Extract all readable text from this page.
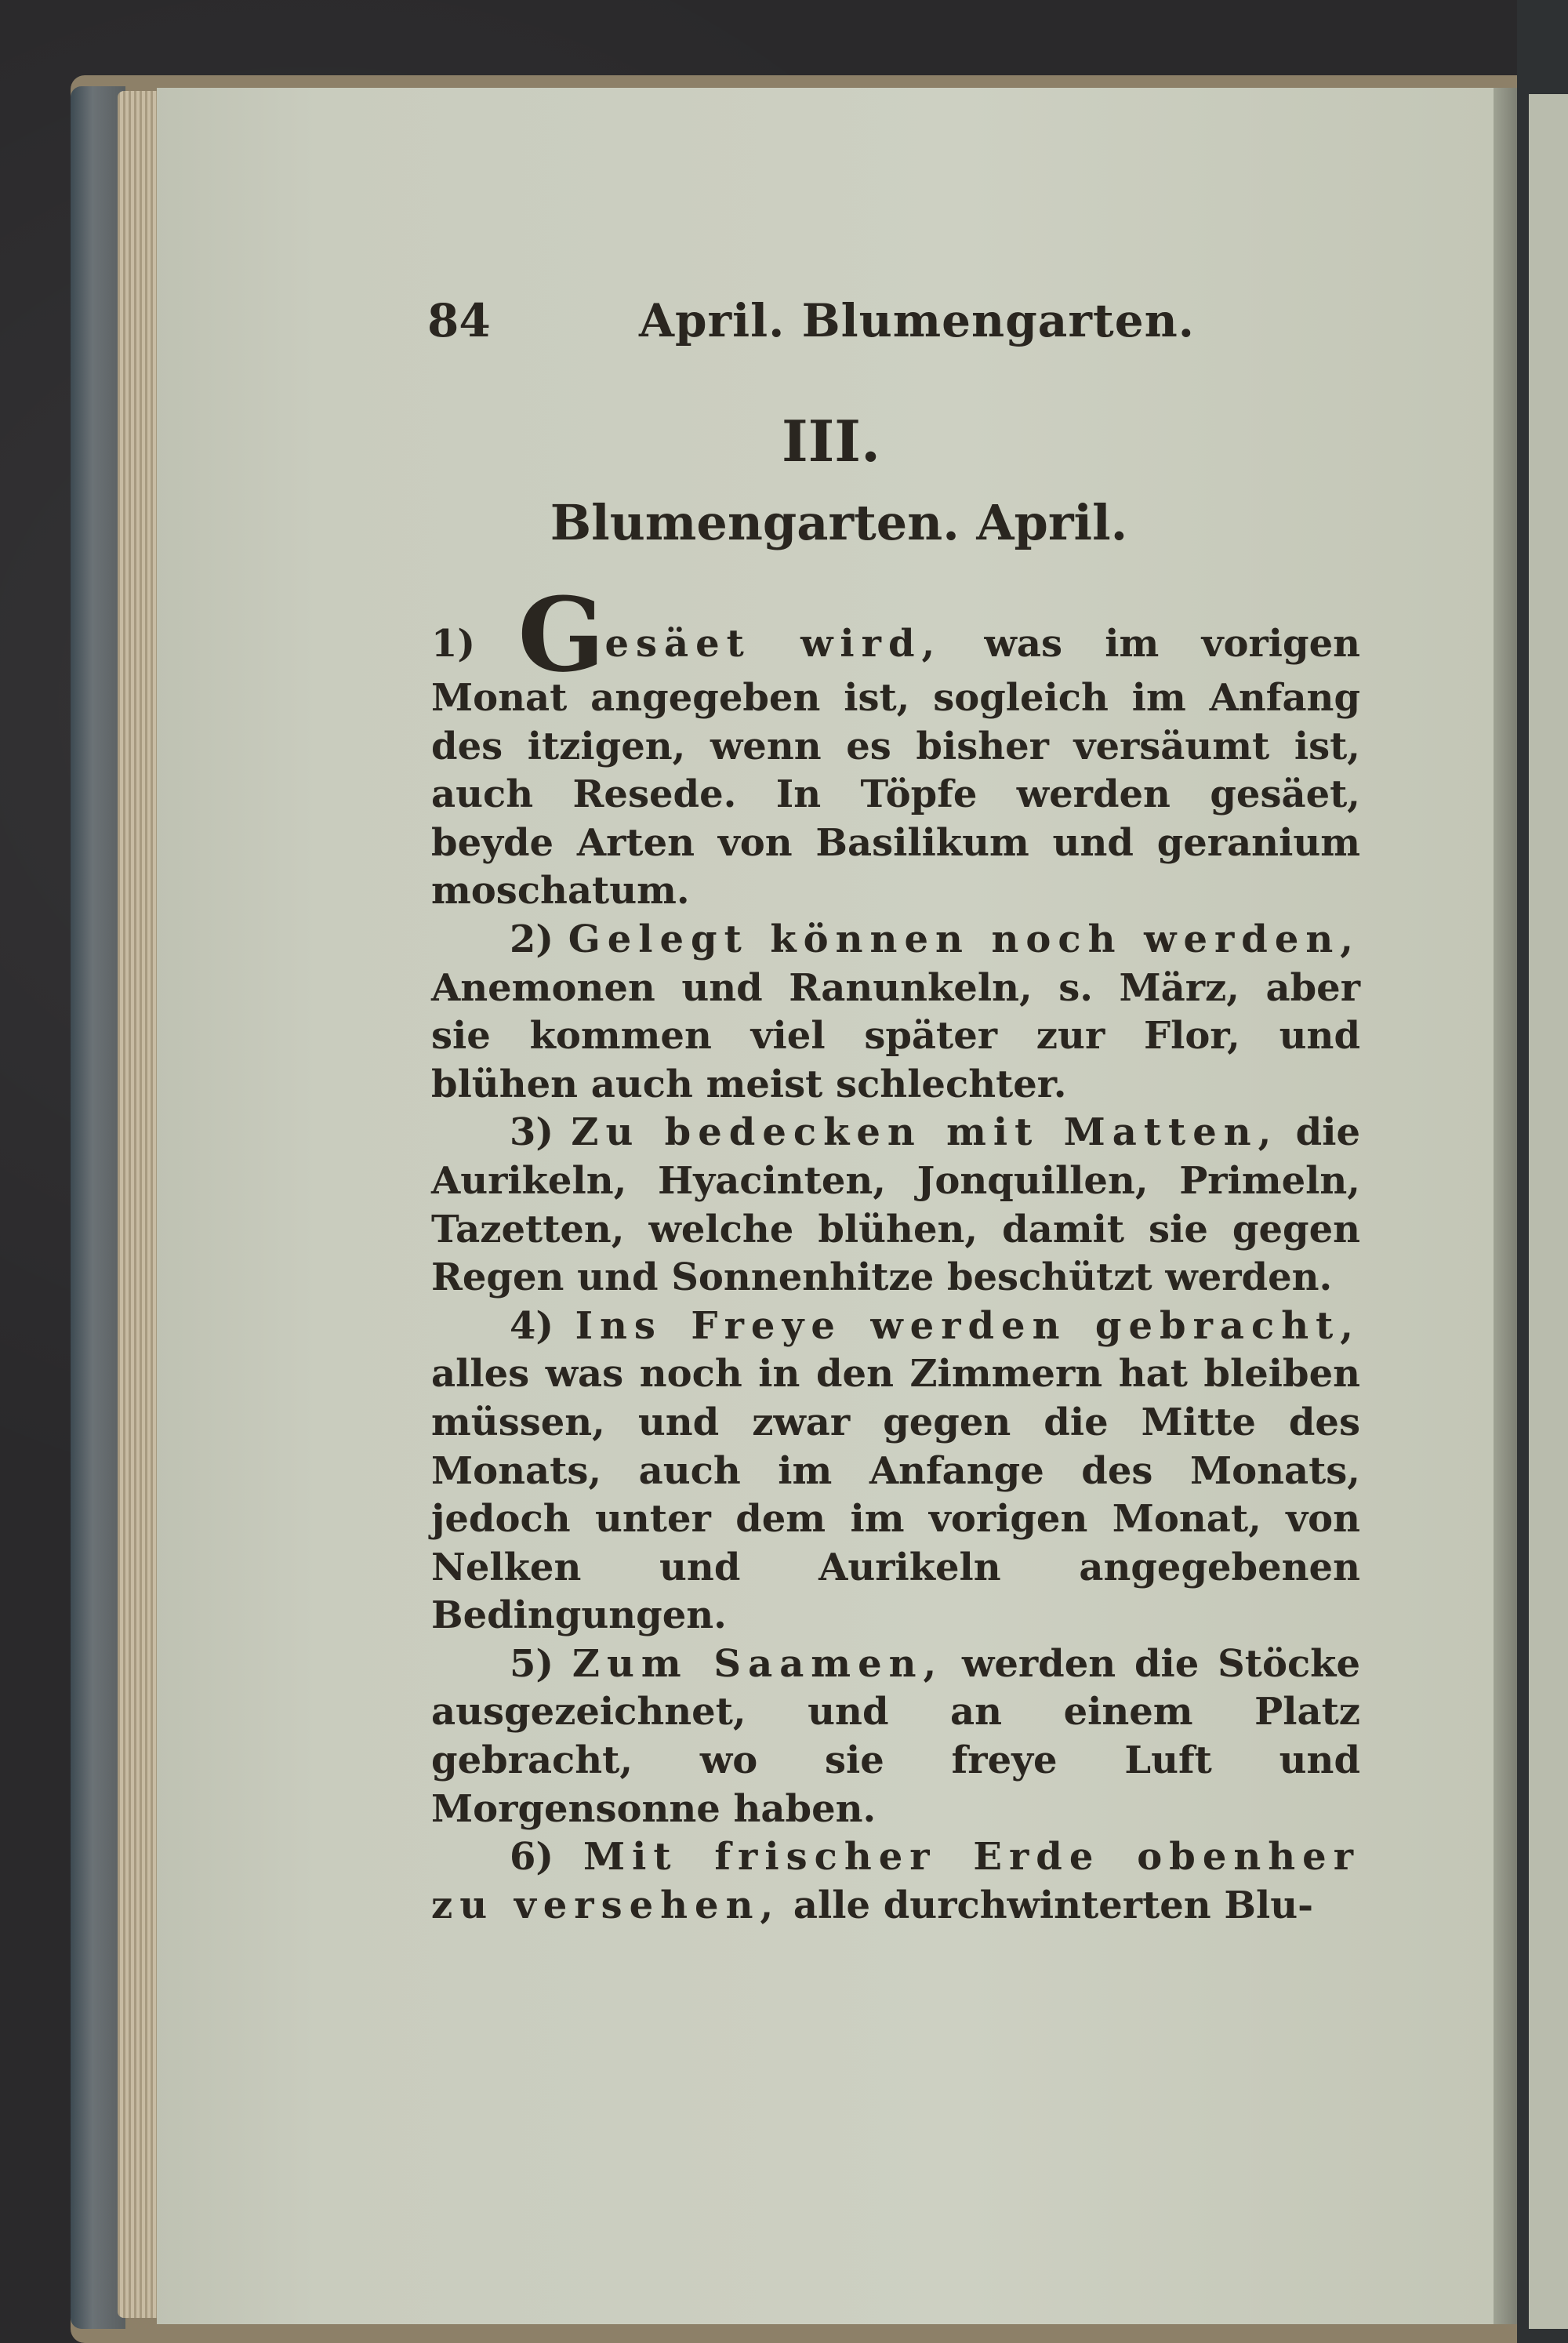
84	April. Blumengarten.
III.
Blumengarten. April.

1) Gesäet wird, was im vorigen Monat angegeben ist, sogleich im Anfang des itzigen, wenn es bisher versäumt ist, auch Resede. In Töpfe werden gesäet, beyde Arten von Basilikum und geranium moschatum.

2) Gelegt können noch werden, Anemonen und Ranunkeln, s. März, aber sie kommen viel später zur Flor, und blühen auch meist schlechter.

3) Zu bedecken mit Matten, die Aurikeln, Hyacinten, Jonquillen, Primeln, Tazetten, welche blühen, damit sie gegen Regen und Sonnenhitze beschützt werden.

4) Ins Freye werden gebracht, alles was noch in den Zimmern hat bleiben müssen, und zwar gegen die Mitte des Monats, auch im Anfange des Monats, jedoch unter dem im vorigen Monat, von Nelken und Aurikeln angegebenen Bedingungen.

5) Zum Saamen, werden die Stöcke ausgezeichnet, und an einem Platz gebracht, wo sie freye Luft und Morgensonne haben.

6) Mit frischer Erde obenher zu versehen, alle durchwinterten Blu-
